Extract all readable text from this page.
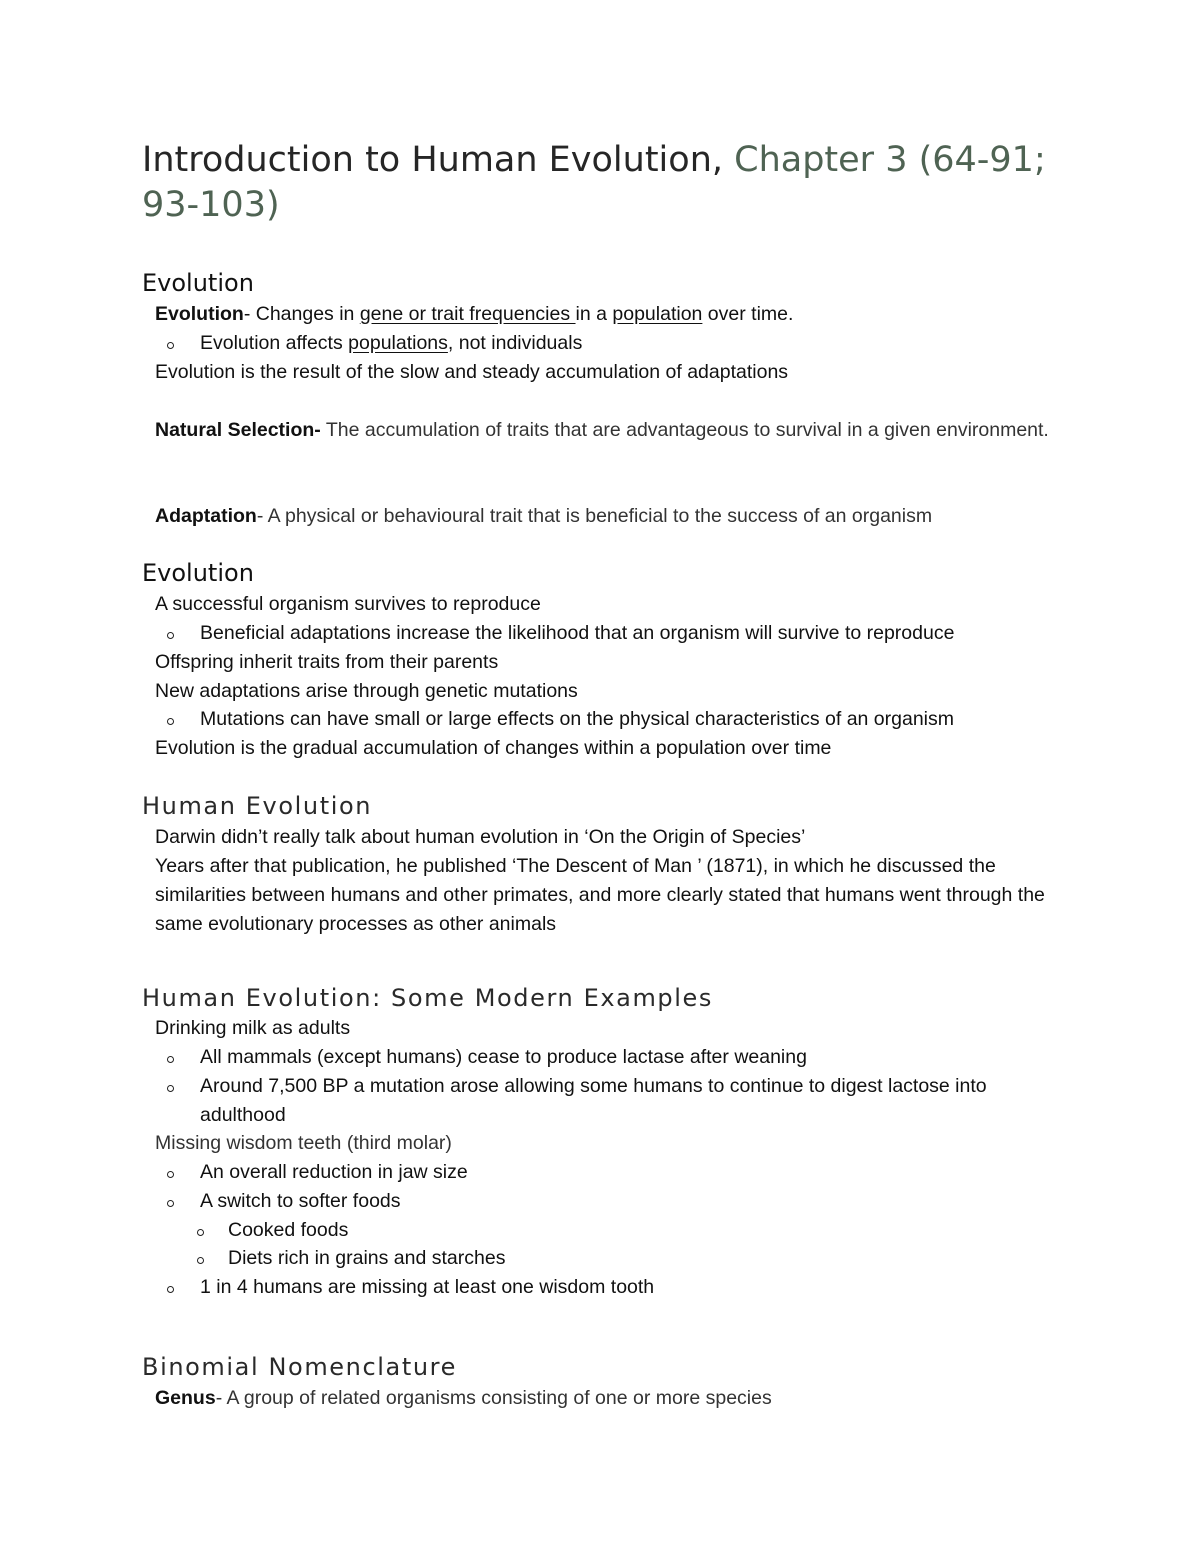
Introduction to Human Evolution, Chapter 3 (64-91; 93-103)
Evolution
Evolution- Changes in gene or trait frequencies in a population over time.
Evolution affects populations, not individuals
Evolution is the result of the slow and steady accumulation of adaptations
Natural Selection- The accumulation of traits that are advantageous to survival in a given environment.
Adaptation- A physical or behavioural trait that is beneficial to the success of an organism
Evolution
A successful organism survives to reproduce
Beneficial adaptations increase the likelihood that an organism will survive to reproduce
Offspring inherit traits from their parents
New adaptations arise through genetic mutations
Mutations can have small or large effects on the physical characteristics of an organism
Evolution is the gradual accumulation of changes within a population over time
Human Evolution
Darwin didn’t really talk about human evolution in ‘On the Origin of Species’
Years after that publication, he published ‘The Descent of Man ’ (1871), in which he discussed the similarities between humans and other primates, and more clearly stated that humans went through the same evolutionary processes as other animals
Human Evolution: Some Modern Examples
Drinking milk as adults
All mammals (except humans) cease to produce lactase after weaning
Around 7,500 BP a mutation arose allowing some humans to continue to digest lactose into adulthood
Missing wisdom teeth (third molar)
An overall reduction in jaw size
A switch to softer foods
Cooked foods
Diets rich in grains and starches
1 in 4 humans are missing at least one wisdom tooth
Binomial Nomenclature
Genus- A group of related organisms consisting of one or more species
